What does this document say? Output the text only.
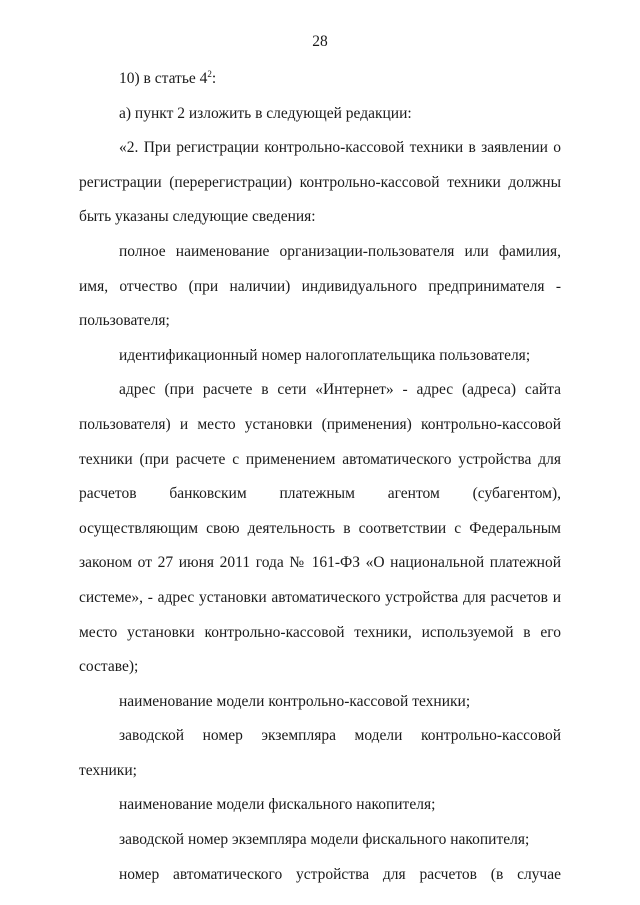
28

10) в статье $4^2$:

а) пункт 2 изложить в следующей редакции:

«2. При регистрации контрольно-кассовой техники в заявлении о регистрации (перерегистрации) контрольно-кассовой техники должны быть указаны следующие сведения:

полное наименование организации-пользователя или фамилия, имя, отчество (при наличии) индивидуального предпринимателя - пользователя;

идентификационный номер налогоплательщика пользователя;

адрес (при расчете в сети «Интернет» - адрес (адреса) сайта пользователя) и место установки (применения) контрольно-кассовой техники (при расчете с применением автоматического устройства для расчетов банковским платежным агентом (субагентом), осуществляющим свою деятельность в соответствии с Федеральным законом от 27 июня 2011 года № 161-ФЗ «О национальной платежной системе», - адрес установки автоматического устройства для расчетов и место установки контрольно-кассовой техники, используемой в его составе);

наименование модели контрольно-кассовой техники;

заводской номер экземпляра модели контрольно-кассовой техники;

наименование модели фискального накопителя;

заводской номер экземпляра модели фискального накопителя;

номер автоматического устройства для расчетов (в случае
